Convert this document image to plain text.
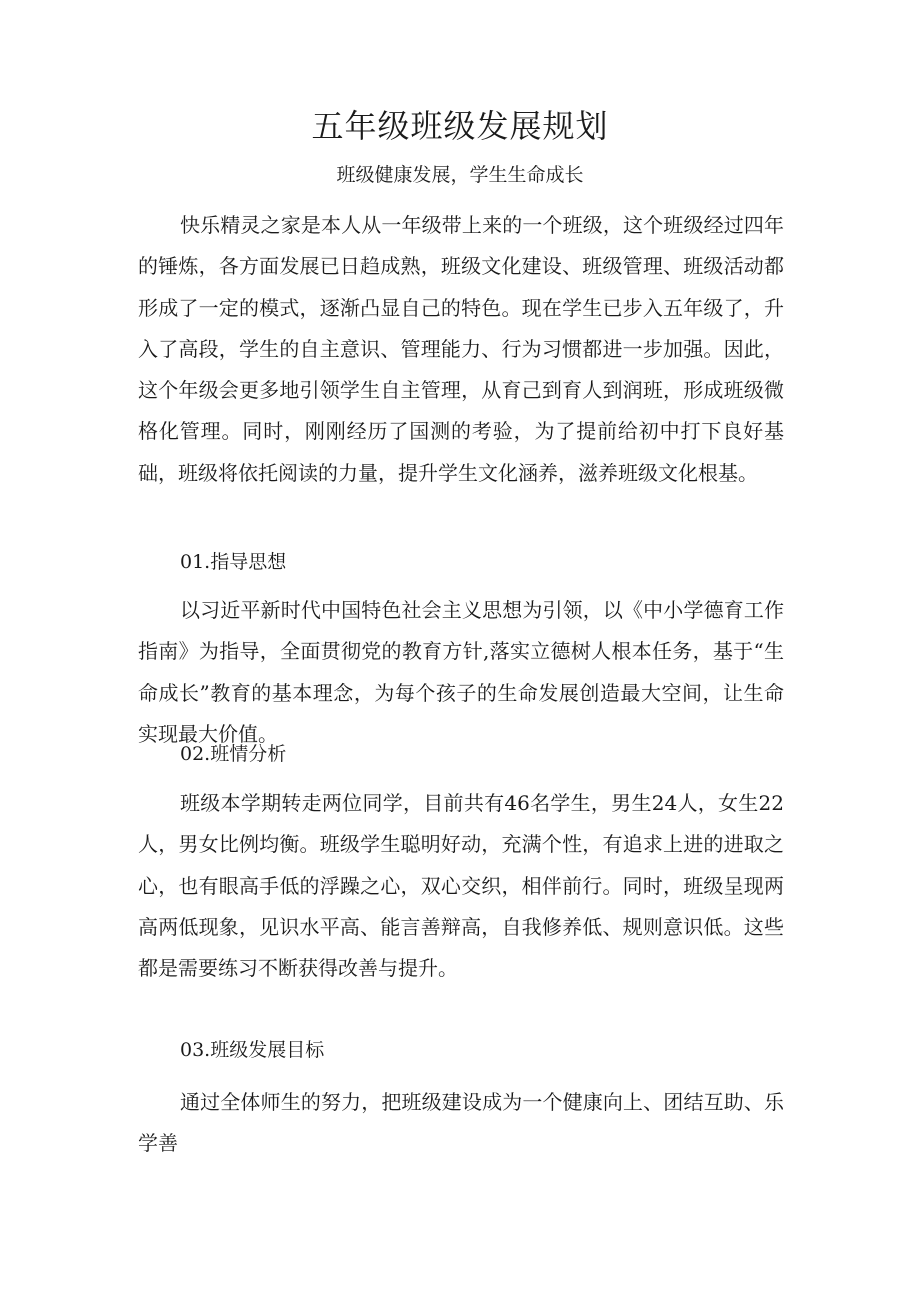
五年级班级发展规划
班级健康发展，学生生命成长

快乐精灵之家是本人从一年级带上来的一个班级，这个班级经过四年的锤炼，各方面发展已日趋成熟，班级文化建设、班级管理、班级活动都形成了一定的模式，逐渐凸显自己的特色。现在学生已步入五年级了，升入了高段，学生的自主意识、管理能力、行为习惯都进一步加强。因此，这个年级会更多地引领学生自主管理，从育己到育人到润班，形成班级微格化管理。同时，刚刚经历了国测的考验，为了提前给初中打下良好基础，班级将依托阅读的力量，提升学生文化涵养，滋养班级文化根基。

01.指导思想

以习近平新时代中国特色社会主义思想为引领，以《中小学德育工作指南》为指导，全面贯彻党的教育方针,落实立德树人根本任务，基于“生命成长”教育的基本理念，为每个孩子的生命发展创造最大空间，让生命实现最大价值。

02.班情分析

班级本学期转走两位同学，目前共有46名学生，男生24人，女生22人，男女比例均衡。班级学生聪明好动，充满个性，有追求上进的进取之心，也有眼高手低的浮躁之心，双心交织，相伴前行。同时，班级呈现两高两低现象，见识水平高、能言善辩高，自我修养低、规则意识低。这些都是需要练习不断获得改善与提升。

03.班级发展目标

通过全体师生的努力，把班级建设成为一个健康向上、团结互助、乐学善
